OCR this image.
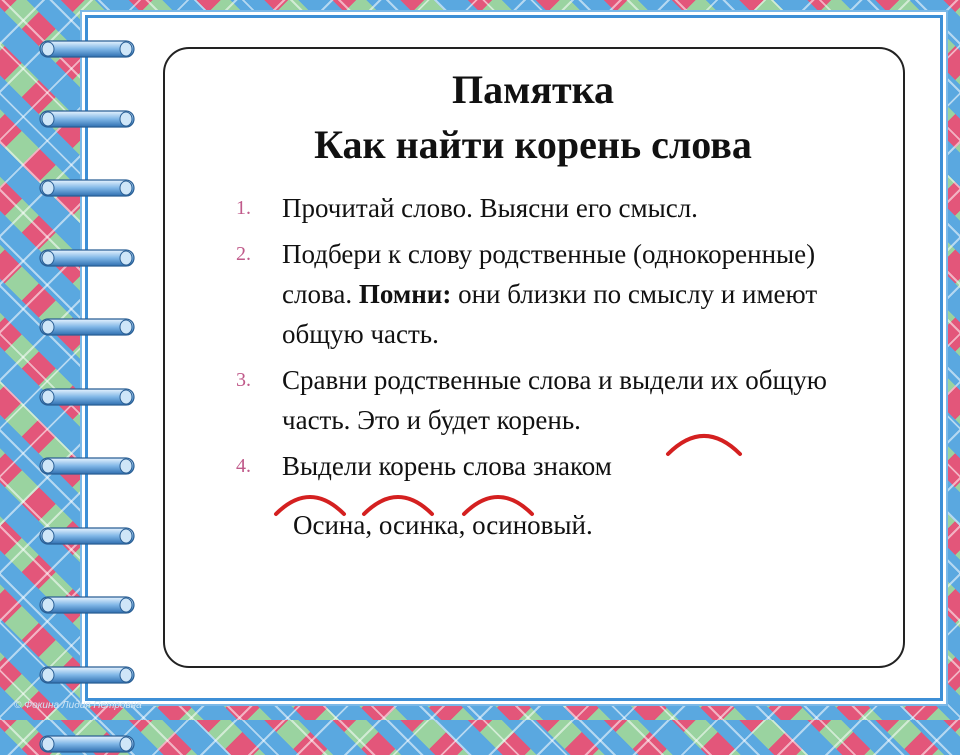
Памятка
Как найти корень слова
1.	Прочитай слово. Выясни его смысл.
2.	Подбери к слову родственные (однокоренные) слова. Помни: они близки по смыслу и имеют общую часть.
3.	Сравни родственные слова и выдели их общую часть. Это и будет корень.
4.	Выдели корень слова знаком
Осина, осинка, осиновый.
© Фокина Лидия Петровна
